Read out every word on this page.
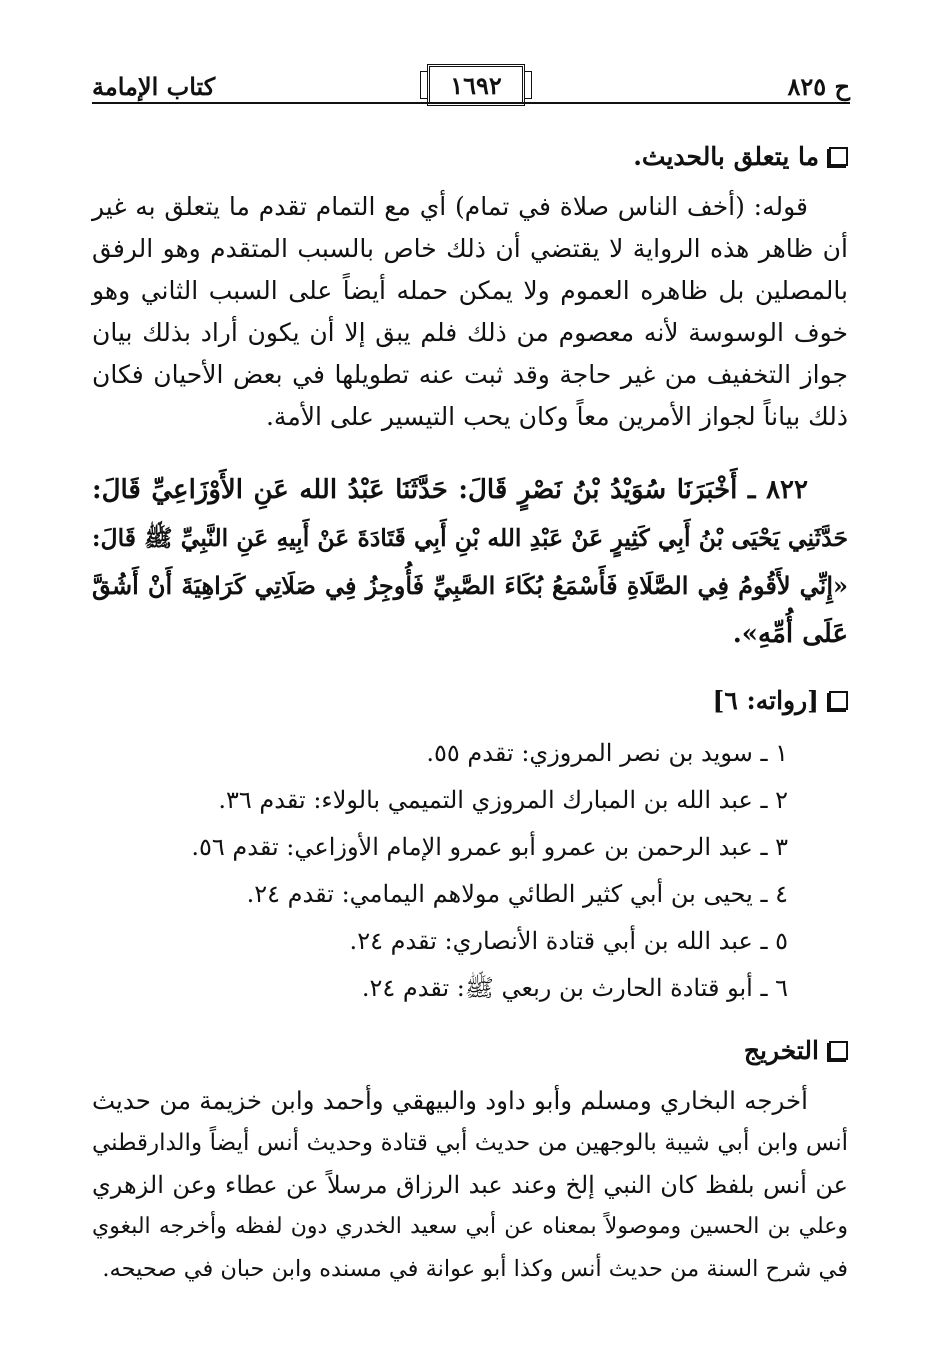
ح ٨٢٥
١٦٩٢
كتاب الإمامة
ما يتعلق بالحديث.
قوله: (أخف الناس صلاة في تمام) أي مع التمام تقدم ما يتعلق به غير
أن ظاهر هذه الرواية لا يقتضي أن ذلك خاص بالسبب المتقدم وهو الرفق
بالمصلين بل ظاهره العموم ولا يمكن حمله أيضاً على السبب الثاني وهو
خوف الوسوسة لأنه معصوم من ذلك فلم يبق إلا أن يكون أراد بذلك بيان
جواز التخفيف من غير حاجة وقد ثبت عنه تطويلها في بعض الأحيان فكان
ذلك بياناً لجواز الأمرين معاً وكان يحب التيسير على الأمة.
٨٢٢ ـ أَخْبَرَنَا سُوَيْدُ بْنُ نَصْرٍ قَالَ: حَدَّثَنَا عَبْدُ الله عَنِ الأَوْزَاعِيِّ قَالَ:
حَدَّثَنِي يَحْيَى بْنُ أَبِي كَثِيرٍ عَنْ عَبْدِ الله بْنِ أَبِي قَتَادَةَ عَنْ أَبِيهِ عَنِ النَّبِيِّ ﷺ قَالَ:
«إِنِّي لأَقُومُ فِي الصَّلَاةِ فَأَسْمَعُ بُكَاءَ الصَّبِيِّ فَأُوجِزُ فِي صَلَاتِي كَرَاهِيَةَ أَنْ أَشُقَّ
عَلَى أُمِّهِ».
[رواته: ٦]
١ ـ سويد بن نصر المروزي: تقدم ٥٥.
٢ ـ عبد الله بن المبارك المروزي التميمي بالولاء: تقدم ٣٦.
٣ ـ عبد الرحمن بن عمرو أبو عمرو الإمام الأوزاعي: تقدم ٥٦.
٤ ـ يحيى بن أبي كثير الطائي مولاهم اليمامي: تقدم ٢٤.
٥ ـ عبد الله بن أبي قتادة الأنصاري: تقدم ٢٤.
٦ ـ أبو قتادة الحارث بن ربعي ﷺ: تقدم ٢٤.
التخريج
أخرجه البخاري ومسلم وأبو داود والبيهقي وأحمد وابن خزيمة من حديث
أنس وابن أبي شيبة بالوجهين من حديث أبي قتادة وحديث أنس أيضاً والدارقطني
عن أنس بلفظ كان النبي إلخ وعند عبد الرزاق مرسلاً عن عطاء وعن الزهري
وعلي بن الحسين وموصولاً بمعناه عن أبي سعيد الخدري دون لفظه وأخرجه البغوي
في شرح السنة من حديث أنس وكذا أبو عوانة في مسنده وابن حبان في صحيحه.
